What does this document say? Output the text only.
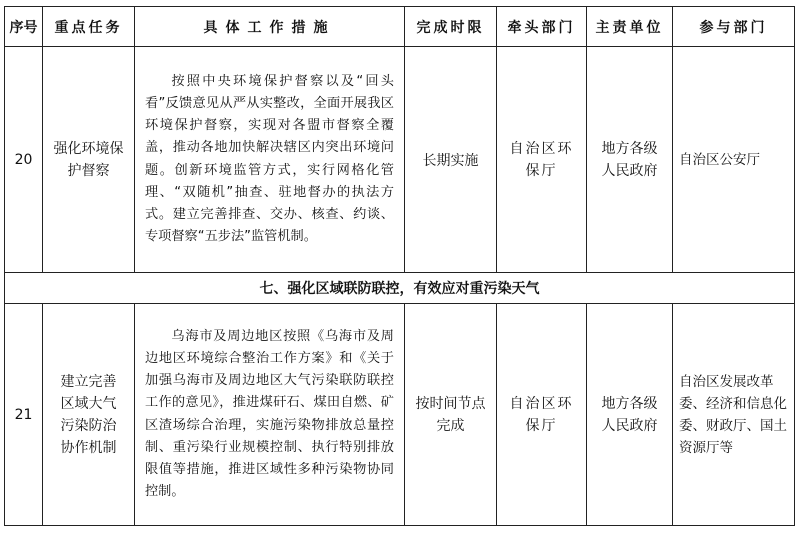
序号	重点任务	具体工作措施	完成时限	牵头部门	主责单位	参与部门
20	强化环境保护督察	按照中央环境保护督察以及“回头看”反馈意见从严从实整改，全面开展我区环境保护督察，实现对各盟市督察全覆盖，推动各地加快解决辖区内突出环境问题。创新环境监管方式，实行网格化管理、“双随机”抽查、驻地督办的执法方式。建立完善排查、交办、核查、约谈、专项督察“五步法”监管机制。	长期实施	自治区环保厅	地方各级人民政府	自治区公安厅
七、强化区域联防联控，有效应对重污染天气						
21	建立完善区域大气污染防治协作机制	乌海市及周边地区按照《乌海市及周边地区环境综合整治工作方案》和《关于加强乌海市及周边地区大气污染联防联控工作的意见》，推进煤矸石、煤田自燃、矿区渣场综合治理，实施污染物排放总量控制、重污染行业规模控制、执行特别排放限值等措施，推进区域性多种污染物协同控制。	按时间节点完成	自治区环保厅	地方各级人民政府	自治区发展改革委、经济和信息化委、财政厅、国土资源厅等
